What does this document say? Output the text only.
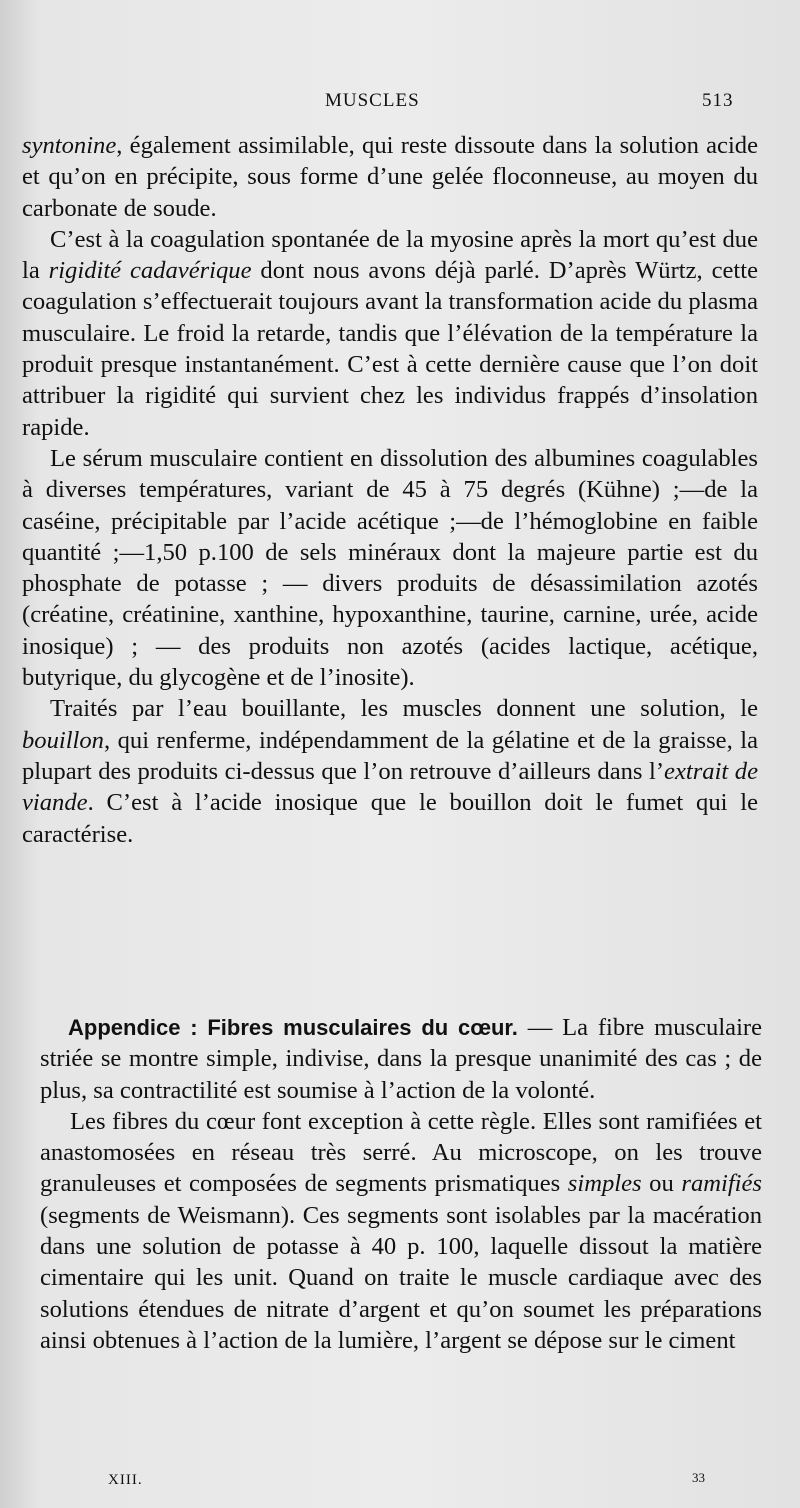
MUSCLES	513

syntonine, également assimilable, qui reste dissoute dans la solution acide et qu’on en précipite, sous forme d’une gelée floconneuse, au moyen du carbonate de soude.

C’est à la coagulation spontanée de la myosine après la mort qu’est due la rigidité cadavérique dont nous avons déjà parlé. D’après Würtz, cette coagulation s’effectuerait toujours avant la transformation acide du plasma musculaire. Le froid la retarde, tandis que l’élévation de la température la produit presque instantanément. C’est à cette dernière cause que l’on doit attribuer la rigidité qui survient chez les individus frappés d’insolation rapide.

Le sérum musculaire contient en dissolution des albumines coagulables à diverses températures, variant de 45 à 75 degrés (Kühne) ;—de la caséine, précipitable par l’acide acétique ;—de l’hémoglobine en faible quantité ;—1,50 p.100 de sels minéraux dont la majeure partie est du phosphate de potasse ; — divers produits de désassimilation azotés (créatine, créatinine, xanthine, hypoxanthine, taurine, carnine, urée, acide inosique) ; — des produits non azotés (acides lactique, acétique, butyrique, du glycogène et de l’inosite).

Traités par l’eau bouillante, les muscles donnent une solution, le bouillon, qui renferme, indépendamment de la gélatine et de la graisse, la plupart des produits ci-dessus que l’on retrouve d’ailleurs dans l’extrait de viande. C’est à l’acide inosique que le bouillon doit le fumet qui le caractérise.

Appendice : Fibres musculaires du cœur. — La fibre musculaire striée se montre simple, indivise, dans la presque unanimité des cas ; de plus, sa contractilité est soumise à l’action de la volonté.

Les fibres du cœur font exception à cette règle. Elles sont ramifiées et anastomosées en réseau très serré. Au microscope, on les trouve granuleuses et composées de segments prismatiques simples ou ramifiés (segments de Weismann). Ces segments sont isolables par la macération dans une solution de potasse à 40 p. 100, laquelle dissout la matière cimentaire qui les unit. Quand on traite le muscle cardiaque avec des solutions étendues de nitrate d’argent et qu’on soumet les préparations ainsi obtenues à l’action de la lumière, l’argent se dépose sur le ciment

XIII.	33
